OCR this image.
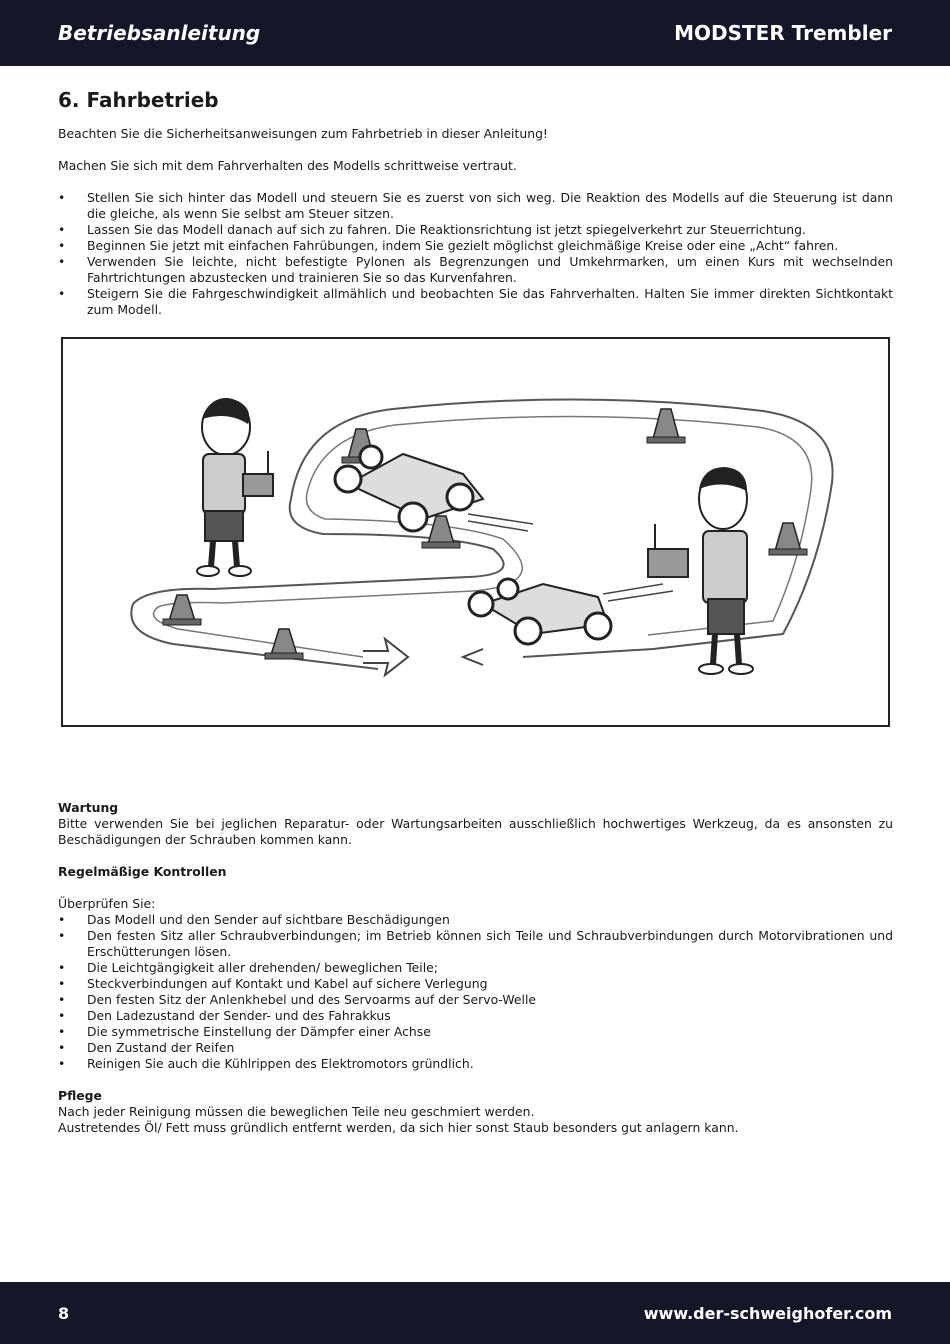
Betriebsanleitung	MODSTER Trembler
6. Fahrbetrieb

Beachten Sie die Sicherheitsanweisungen zum Fahrbetrieb in dieser Anleitung!

Machen Sie sich mit dem Fahrverhalten des Modells schrittweise vertraut.

• Stellen Sie sich hinter das Modell und steuern Sie es zuerst von sich weg. Die Reaktion des Modells auf die Steuerung ist dann die gleiche, als wenn Sie selbst am Steuer sitzen.
• Lassen Sie das Modell danach auf sich zu fahren. Die Reaktionsrichtung ist jetzt spiegelverkehrt zur Steuerrichtung.
• Beginnen Sie jetzt mit einfachen Fahrübungen, indem Sie gezielt möglichst gleichmäßige Kreise oder eine „Acht“ fahren.
• Verwenden Sie leichte, nicht befestigte Pylonen als Begrenzungen und Umkehrmarken, um einen Kurs mit wechselnden Fahrtrichtungen abzustecken und trainieren Sie so das Kurvenfahren.
• Steigern Sie die Fahrgeschwindigkeit allmählich und beobachten Sie das Fahrverhalten. Halten Sie immer direkten Sichtkontakt zum Modell.

Wartung

Bitte verwenden Sie bei jeglichen Reparatur- oder Wartungsarbeiten ausschließlich hochwertiges Werkzeug, da es ansonsten zu Beschädigungen der Schrauben kommen kann.

Regelmäßige Kontrollen

Überprüfen Sie:

• Das Modell und den Sender auf sichtbare Beschädigungen
• Den festen Sitz aller Schraubverbindungen; im Betrieb können sich Teile und Schraubverbindungen durch Motorvibrationen und Erschütterungen lösen.
• Die Leichtgängigkeit aller drehenden/ beweglichen Teile;
• Steckverbindungen auf Kontakt und Kabel auf sichere Verlegung
• Den festen Sitz der Anlenkhebel und des Servoarms auf der Servo-Welle
• Den Ladezustand der Sender- und des Fahrakkus
• Die symmetrische Einstellung der Dämpfer einer Achse
• Den Zustand der Reifen
• Reinigen Sie auch die Kühlrippen des Elektromotors gründlich.

Pflege

Nach jeder Reinigung müssen die beweglichen Teile neu geschmiert werden.

Austretendes Öl/ Fett muss gründlich entfernt werden, da sich hier sonst Staub besonders gut anlagern kann.

8	www.der-schweighofer.com
